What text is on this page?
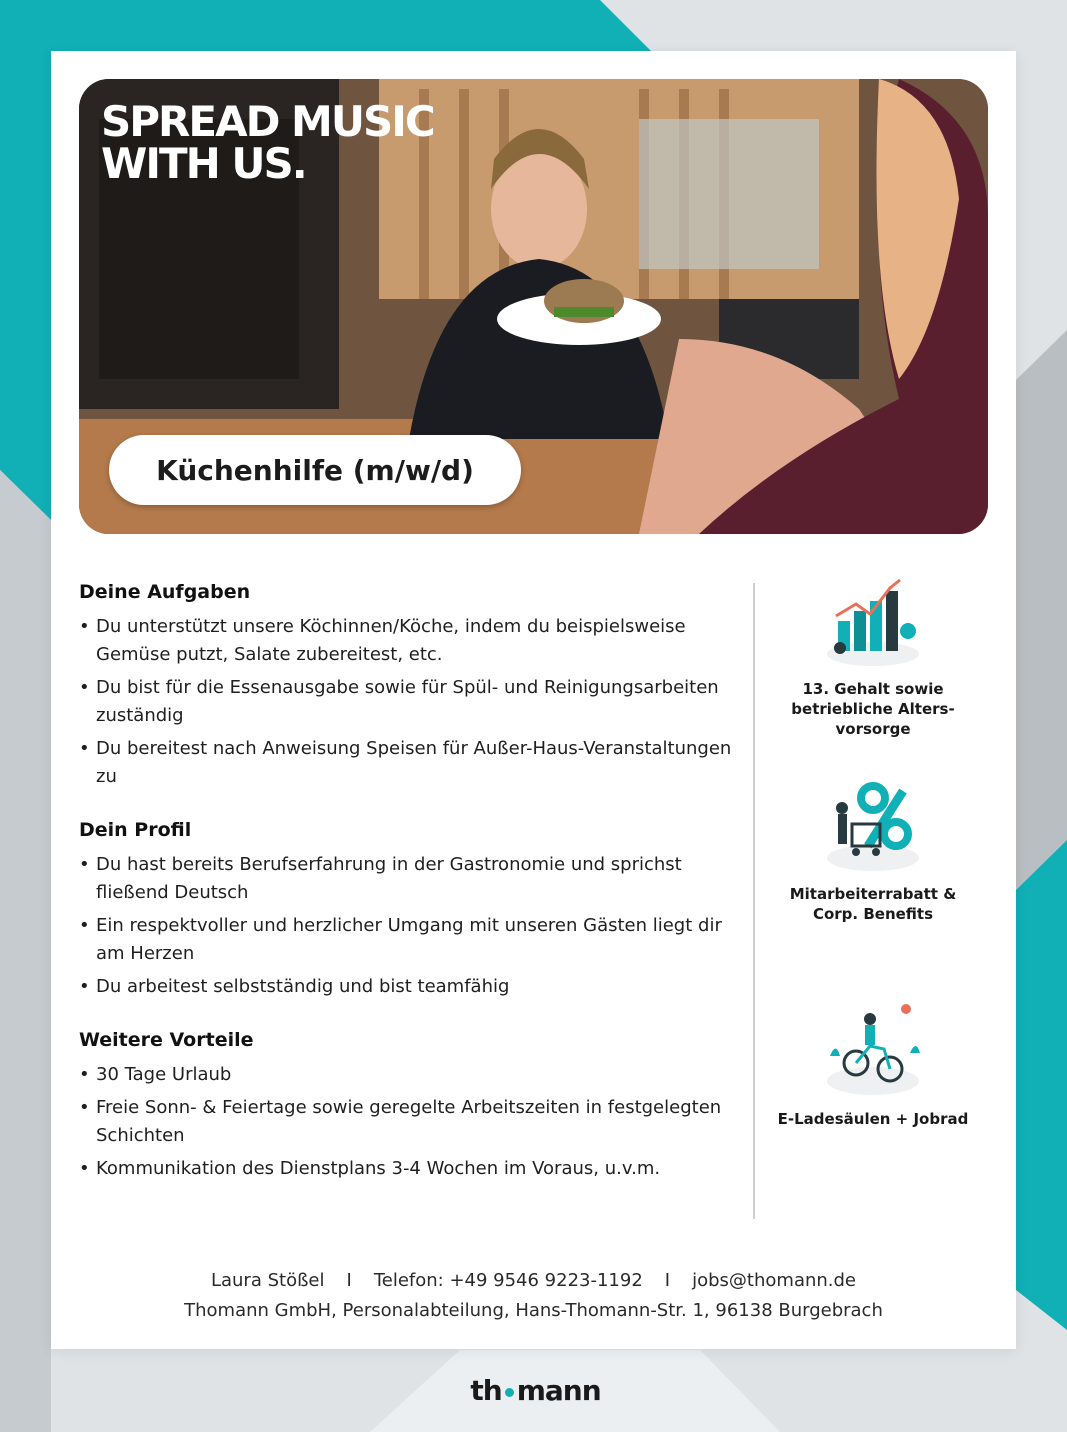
SPREAD MUSIC
WITH US.
Küchenhilfe (m/w/d)
Deine Aufgaben
• Du unterstützt unsere Köchinnen/Köche, indem du beispielsweise Gemüse putzt, Salate zubereitest, etc.
• Du bist für die Essenausgabe sowie für Spül- und Reinigungsarbeiten zuständig
• Du bereitest nach Anweisung Speisen für Außer-Haus-Veranstaltungen zu
Dein Profil
• Du hast bereits Berufserfahrung in der Gastronomie und sprichst fließend Deutsch
• Ein respektvoller und herzlicher Umgang mit unseren Gästen liegt dir am Herzen
• Du arbeitest selbstständig und bist teamfähig
Weitere Vorteile
• 30 Tage Urlaub
• Freie Sonn- & Feiertage sowie geregelte Arbeitszeiten in festgelegten Schichten
• Kommunikation des Dienstplans 3-4 Wochen im Voraus, u.v.m.
13. Gehalt sowie betriebliche Alters-vorsorge
Mitarbeiterrabatt & Corp. Benefits
E-Ladesäulen + Jobrad
Laura Stößel I Telefon: +49 9546 9223-1192 I jobs@thomann.de
Thomann GmbH, Personalabteilung, Hans-Thomann-Str. 1, 96138 Burgebrach
th mann
